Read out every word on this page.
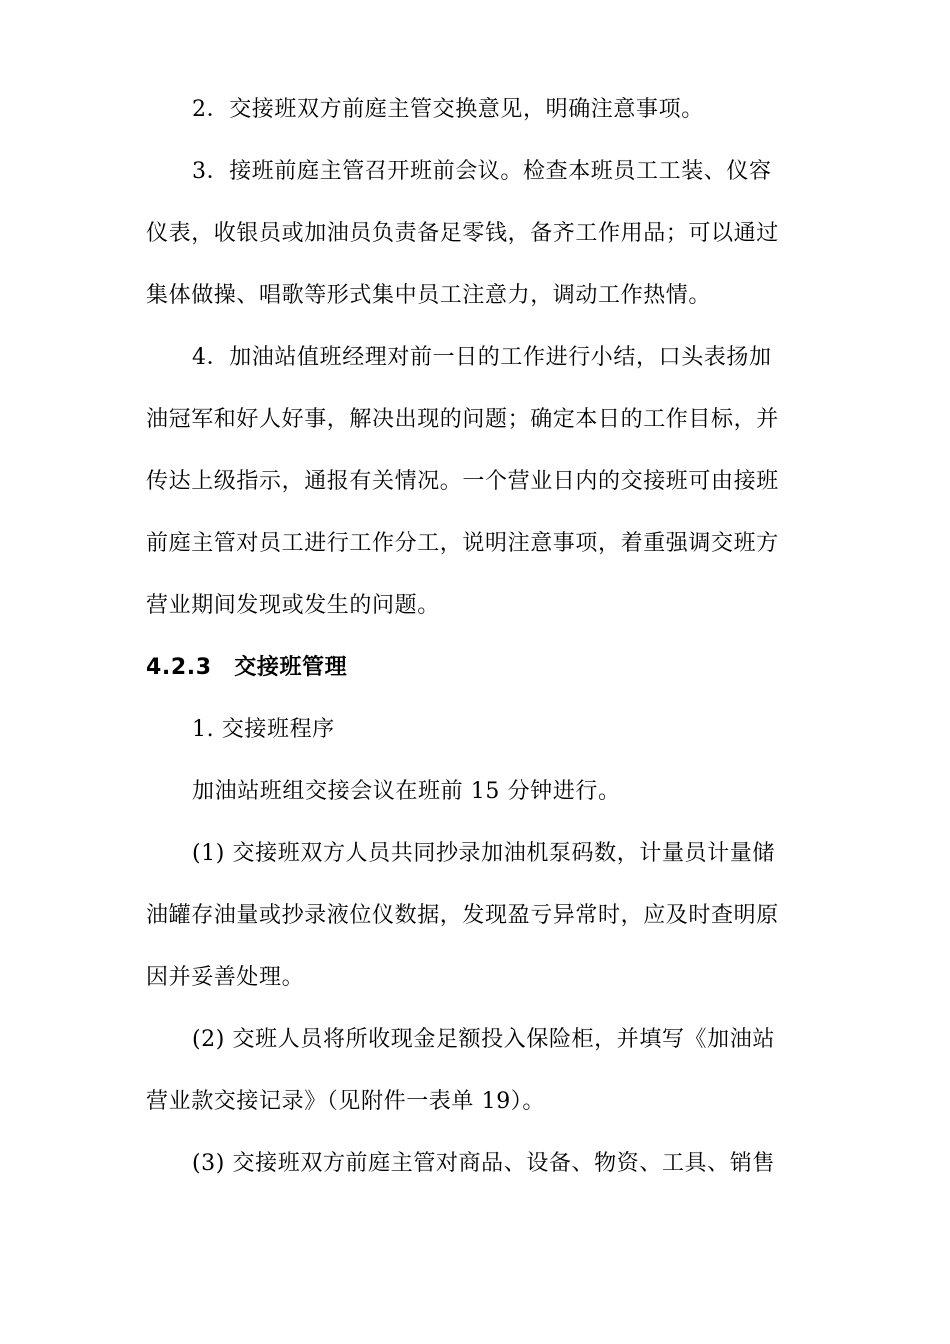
2．交接班双方前庭主管交换意见，明确注意事项。
3．接班前庭主管召开班前会议。检查本班员工工装、仪容
仪表，收银员或加油员负责备足零钱，备齐工作用品；可以通过
集体做操、唱歌等形式集中员工注意力，调动工作热情。
4．加油站值班经理对前一日的工作进行小结，口头表扬加
油冠军和好人好事，解决出现的问题；确定本日的工作目标，并
传达上级指示，通报有关情况。一个营业日内的交接班可由接班
前庭主管对员工进行工作分工，说明注意事项，着重强调交班方
营业期间发现或发生的问题。
4.2.3　交接班管理
1. 交接班程序
加油站班组交接会议在班前 15 分钟进行。
(1) 交接班双方人员共同抄录加油机泵码数，计量员计量储
油罐存油量或抄录液位仪数据，发现盈亏异常时，应及时查明原
因并妥善处理。
(2) 交班人员将所收现金足额投入保险柜，并填写《加油站
营业款交接记录》（见附件一表单 19）。
(3) 交接班双方前庭主管对商品、设备、物资、工具、销售
